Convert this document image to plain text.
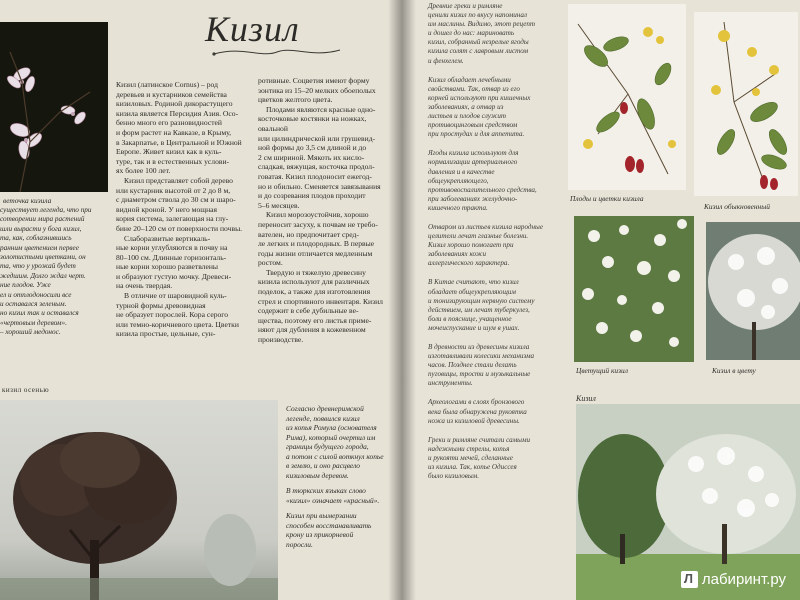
веточка кизила
Кизил
существует легенда, что при
сотворении мира растений
шли вырасти у бога кизил,
та, как, соблазнившись
ранним цветением первее
золотистыми цветками, он
та, что у урожай будет
жедшим. Долго ждал черт.
ние плодов. Уже
ел и отплодоносили все
и оставался зеленым.
но кизил так и оставался
«чертовым деревом».
– хороший медонос.
Кизил (латинское Cornus) – род
деревьев и кустарников семейства
кизиловых. Родиной дикорастущего
кизила является Персидия Азия. Осо-
бенно много его разновидностей
и форм растет на Кавказе, в Крыму,
в Закарпатье, в Центральной и Южной
Европе. Живет кизил как в куль-
туре, так и в естественных услови-
ях более 100 лет.
Кизил представляет собой дерево
или кустарник высотой от 2 до 8 м,
с диаметром ствола до 30 см и шаро-
видной кроной. У него мощная
кория система, залегающая на глу-
бине 20–120 см от поверхности почвы.
Слаборазвитые вертикаль-
ные корни углубляются в почву на
80–100 см. Длинные горизонталь-
ные корни хорошо разветвлены
и образуют густую мочку. Древеси-
на очень твердая.
В отличие от шаровидной куль-
турной формы древовидная
не образует порослей. Кора серого
или темно-коричневого цвета. Цветки
кизила простые, цельные, сун-
ротивные. Соцветия имеют форму
зонтика из 15–20 мелких обоеполых
цветков желтого цвета.
Плодами являются красные одно-
косточковые костянки на ножках, овальной
или цилиндрической или грушевид-
ной формы до 3,5 см длиной и до
2 см шириной. Мякоть их кисло-
сладкая, вяжущая, косточка продол-
говатая. Кизил плодоносит ежегод-
но и обильно. Сменяется завязывания
и до созревания плодов проходит
5–6 месяцев.
Кизил морозоустойчив, хорошо
переносит засуху, к почвам не требо-
вателен, но предпочитает сред-
ле легких и плодородных. В первые
годы жизни отличается медленным
ростом.
Твердую и тяжелую древесину
кизила используют для различных
поделок, а также для изготовления
стрел и спортивного инвентаря. Кизил
содержит в себе дубильные ве-
щества, поэтому его листья приме-
няют для дубления в кожевенном
производстве.
кизил осенью
Согласно древнеримской
легенде, появился кизил
из копья Ромула (основателя
Рима), который очертил им
границы будущего города,
а потом с силой воткнул копье
в землю, и оно расцвело
кизиловым деревом.
В тюркских языках слово
«кизил» означает «красный».
Кизил при вымерзании
способен восстанавливать
крону из прикорневой
поросли.
Древние греки и римляне
ценили кизил по вкусу напоминал
им маслины. Видимо, этот рецепт
и дошел до нас: мариновать
кизил, собранный незрелые ягоды
кизила солят с лавровым листом
и фенхелем.
Кизил обладает лечебными
свойствами. Так, отвар из его
корней используют при кишечных
заболеваниях, а отвар из
листьев и плодов служит
противоцинговым средством
при простудах и для аппетита.
Ягоды кизила используют для
нормализации артериального
давления и в качестве
общеукрепляющего,
противовоспалительного средства,
при заболеваниях желудочно-
кишечного тракта.
Отваром из листьев кизила народные
целители лечат глазные болезни.
Кизил хорошо помогает при
заболеваниях кожи
аллергического характера.
В Китае считают, что кизил
обладает общеукрепляющим
и тонизирующим нервную систему
действием, им лечат туберкулез,
боли в пояснице, учащенное
мочеиспускание и шум в ушах.
В древности из древесины кизила
изготавливали колесики механизма
часов. Позднее стали делать
пуговицы, трости и музыкальные
инструменты.
Археологами в слоях бронзового
века была обнаружена рукоятка
ножа из кизиловой древесины.
Греки и римляне считали самыми
надежными стрелы, копья
и рукояти мечей, сделанные
из кизила. Так, копье Одиссея
было кизиловым.
Плоды и цветки кизила
Кизил обыкновенный
Цветущий кизил	Кизил в цвету
Кизил
Л лабиринт.ру
